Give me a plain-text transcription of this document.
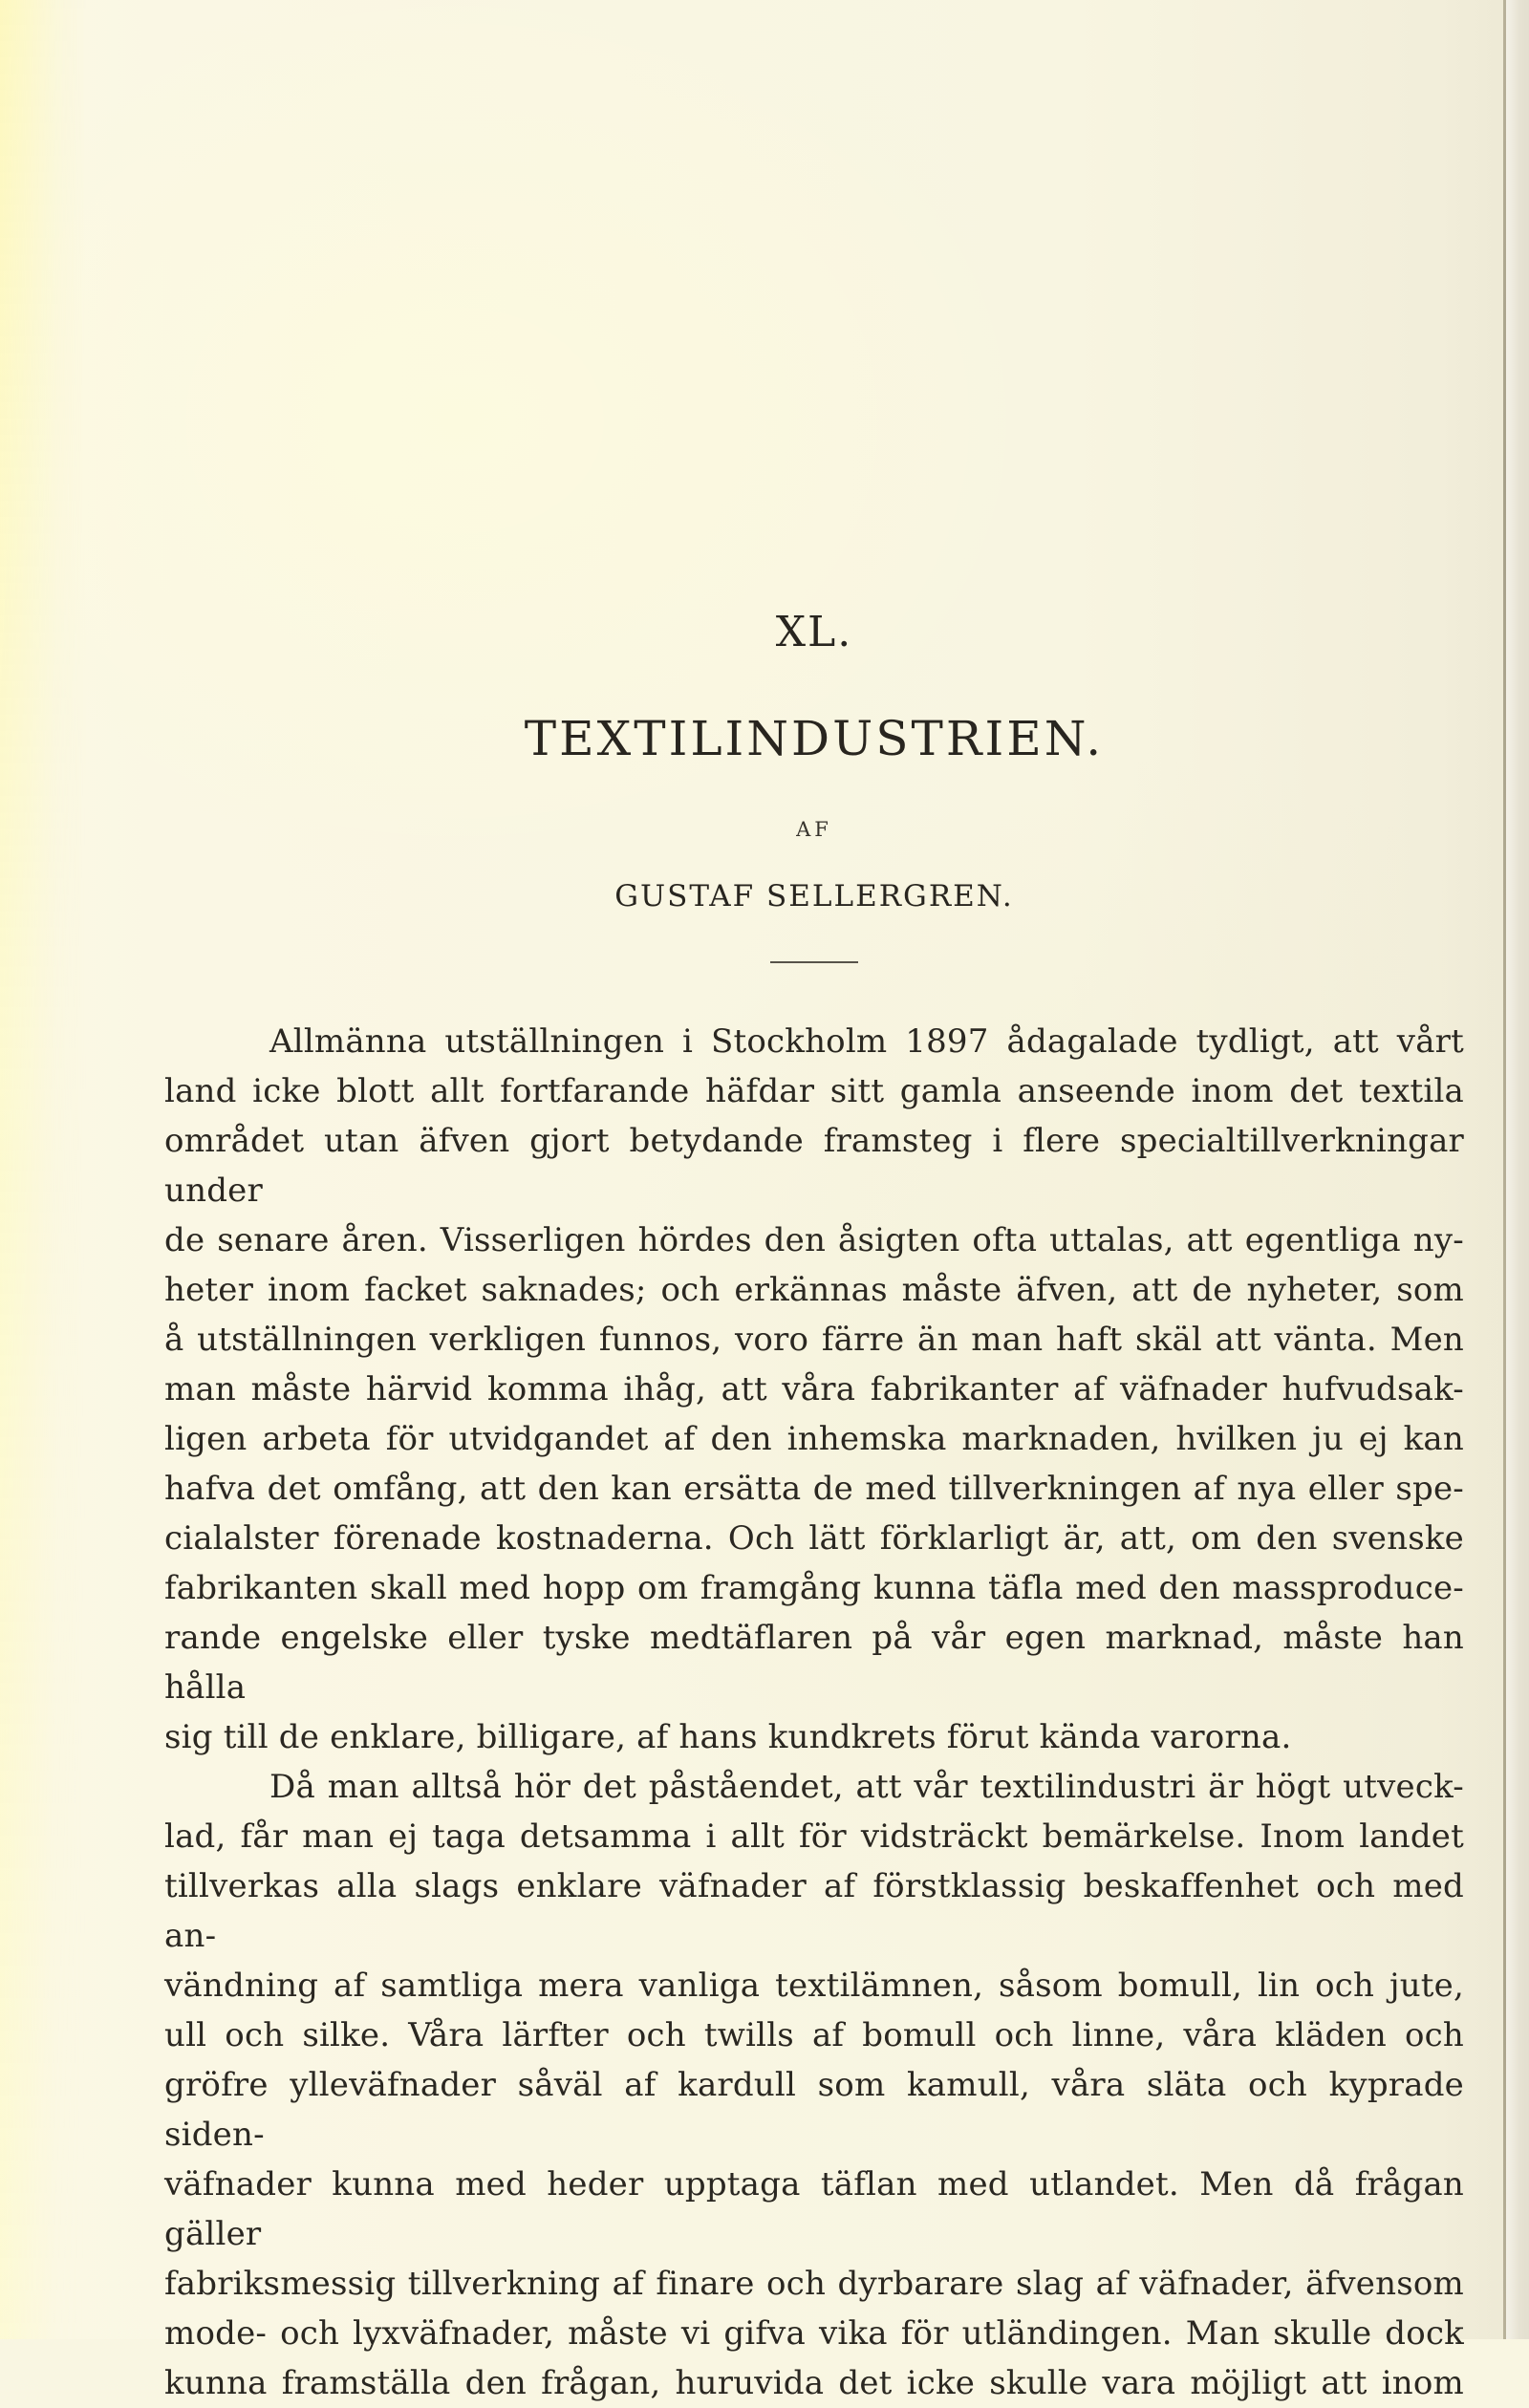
XL.
TEXTILINDUSTRIEN.
AF
GUSTAF SELLERGREN.
Allmänna utställningen i Stockholm 1897 ådagalade tydligt, att vårt
land icke blott allt fortfarande häfdar sitt gamla anseende inom det textila
området utan äfven gjort betydande framsteg i flere specialtillverkningar under
de senare åren. Visserligen hördes den åsigten ofta uttalas, att egentliga ny-
heter inom facket saknades; och erkännas måste äfven, att de nyheter, som
å utställningen verkligen funnos, voro färre än man haft skäl att vänta. Men
man måste härvid komma ihåg, att våra fabrikanter af väfnader hufvudsak-
ligen arbeta för utvidgandet af den inhemska marknaden, hvilken ju ej kan
hafva det omfång, att den kan ersätta de med tillverkningen af nya eller spe-
cialalster förenade kostnaderna. Och lätt förklarligt är, att, om den svenske
fabrikanten skall med hopp om framgång kunna täfla med den massproduce-
rande engelske eller tyske medtäflaren på vår egen marknad, måste han hålla
sig till de enklare, billigare, af hans kundkrets förut kända varorna.
Då man alltså hör det påståendet, att vår textilindustri är högt utveck-
lad, får man ej taga detsamma i allt för vidsträckt bemärkelse. Inom landet
tillverkas alla slags enklare väfnader af förstklassig beskaffenhet och med an-
vändning af samtliga mera vanliga textilämnen, såsom bomull, lin och jute,
ull och silke. Våra lärfter och twills af bomull och linne, våra kläden och
gröfre ylleväfnader såväl af kardull som kamull, våra släta och kyprade siden-
väfnader kunna med heder upptaga täflan med utlandet. Men då frågan gäller
fabriksmessig tillverkning af finare och dyrbarare slag af väfnader, äfvensom
mode- och lyxväfnader, måste vi gifva vika för utländingen. Man skulle dock
kunna framställa den frågan, huruvida det icke skulle vara möjligt att inom
